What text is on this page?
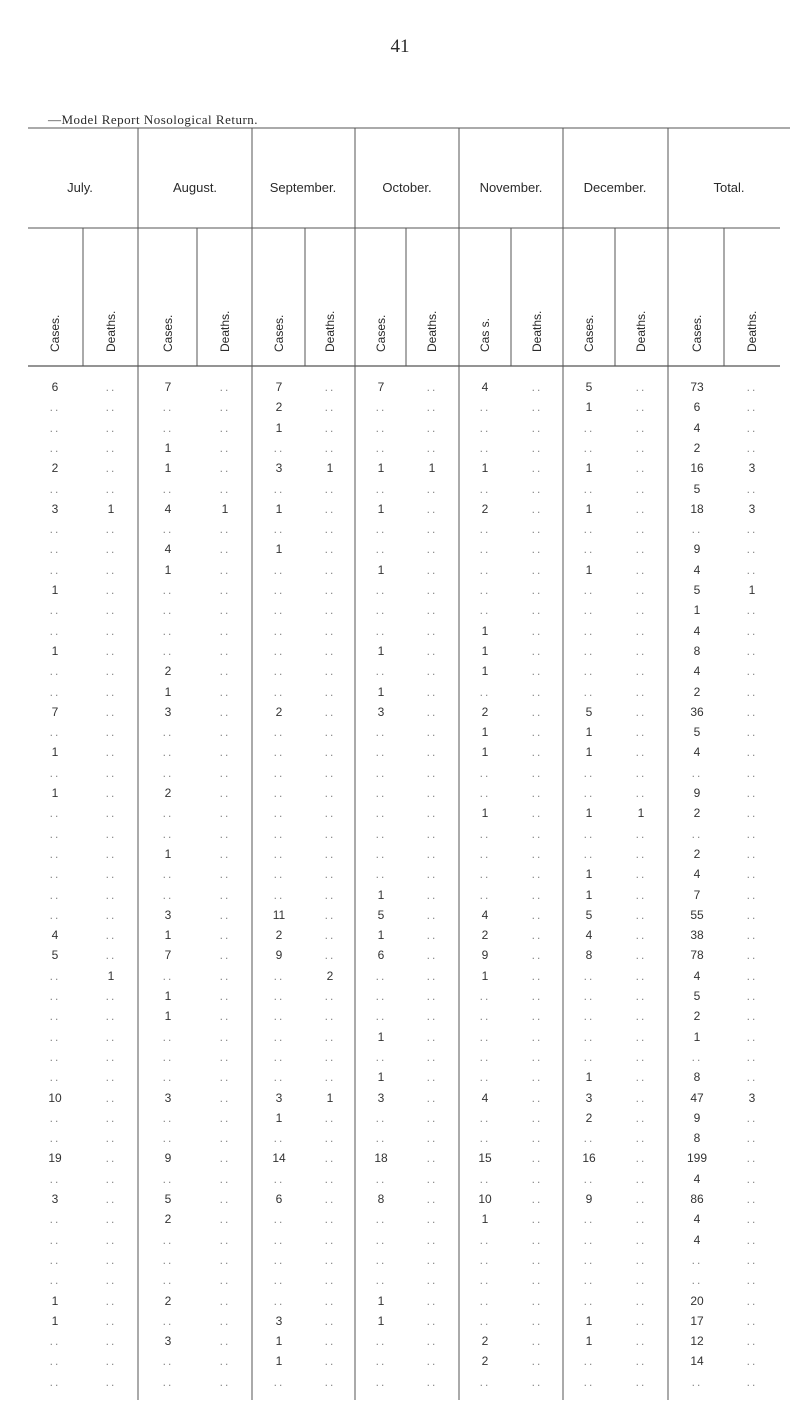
41
—Model Report Nosological Return.
July.	August.	September.	October.	November.	December.	Total.
Cases.	Deaths.	Cases.	Deaths.	Cases.	Deaths.	Cases.	Deaths.	Cas s.	Deaths.	Cases.	Deaths.	Cases.	Deaths.
6	..	7	..	7	..	7	..	4	..	5	..	73	..
..	..	..	..	2	..	..	..	..	..	1	..	6	..
..	..	..	..	1	..	..	..	..	..	..	..	4	..
..	..	1	..	..	..	..	..	..	..	..	..	2	..
2	..	1	..	3	1	1	1	1	..	1	..	16	3
..	..	..	..	..	..	..	..	..	..	..	..	5	..
3	1	4	1	1	..	1	..	2	..	1	..	18	3
..	..	..	..	..	..	..	..	..	..	..	..	..	..
..	..	4	..	1	..	..	..	..	..	..	..	9	..
..	..	1	..	..	..	1	..	..	..	1	..	4	..
1	..	..	..	..	..	..	..	..	..	..	..	5	1
..	..	..	..	..	..	..	..	..	..	..	..	1	..
..	..	..	..	..	..	..	..	1	..	..	..	4	..
1	..	..	..	..	..	1	..	1	..	..	..	8	..
..	..	2	..	..	..	..	..	1	..	..	..	4	..
..	..	1	..	..	..	1	..	..	..	..	..	2	..
7	..	3	..	2	..	3	..	2	..	5	..	36	..
..	..	..	..	..	..	..	..	1	..	1	..	5	..
1	..	..	..	..	..	..	..	1	..	1	..	4	..
..	..	..	..	..	..	..	..	..	..	..	..	..	..
1	..	2	..	..	..	..	..	..	..	..	..	9	..
..	..	..	..	..	..	..	..	1	..	1	1	2	..
..	..	..	..	..	..	..	..	..	..	..	..	..	..
..	..	1	..	..	..	..	..	..	..	..	..	2	..
..	..	..	..	..	..	..	..	..	..	1	..	4	..
..	..	..	..	..	..	1	..	..	..	1	..	7	..
..	..	3	..	11	..	5	..	4	..	5	..	55	..
4	..	1	..	2	..	1	..	2	..	4	..	38	..
5	..	7	..	9	..	6	..	9	..	8	..	78	..
..	1	..	..	..	2	..	..	1	..	..	..	4	..
..	..	1	..	..	..	..	..	..	..	..	..	5	..
..	..	1	..	..	..	..	..	..	..	..	..	2	..
..	..	..	..	..	..	1	..	..	..	..	..	1	..
..	..	..	..	..	..	..	..	..	..	..	..	..	..
..	..	..	..	..	..	1	..	..	..	1	..	8	..
10	..	3	..	3	1	3	..	4	..	3	..	47	3
..	..	..	..	1	..	..	..	..	..	2	..	9	..
..	..	..	..	..	..	..	..	..	..	..	..	8	..
19	..	9	..	14	..	18	..	15	..	16	..	199	..
..	..	..	..	..	..	..	..	..	..	..	..	4	..
3	..	5	..	6	..	8	..	10	..	9	..	86	..
..	..	2	..	..	..	..	..	1	..	..	..	4	..
..	..	..	..	..	..	..	..	..	..	..	..	4	..
..	..	..	..	..	..	..	..	..	..	..	..	..	..
..	..	..	..	..	..	..	..	..	..	..	..	..	..
1	..	2	..	..	..	1	..	..	..	..	..	20	..
1	..	..	..	3	..	1	..	..	..	1	..	17	..
..	..	3	..	1	..	..	..	2	..	1	..	12	..
..	..	..	..	1	..	..	..	2	..	..	..	14	..
..	..	..	..	..	..	..	..	..	..	..	..	..	..
